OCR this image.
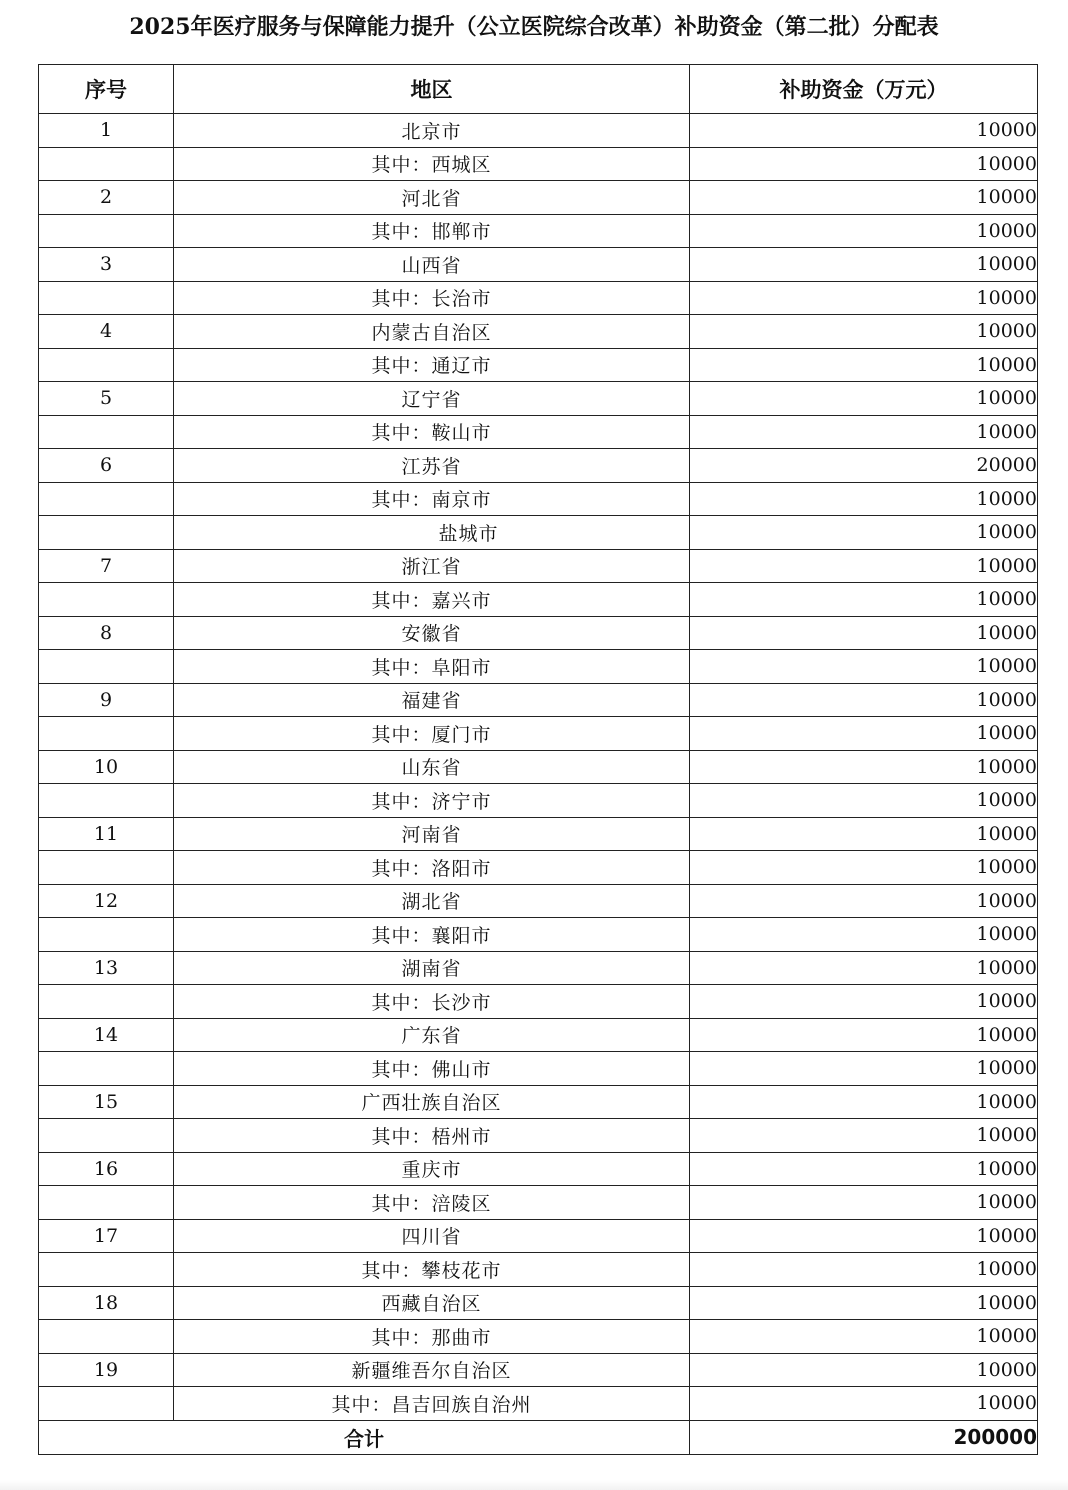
2025年医疗服务与保障能力提升（公立医院综合改革）补助资金（第二批）分配表
序号	地区	补助资金（万元）
1	北京市	10000
	其中：西城区	10000
2	河北省	10000
	其中：邯郸市	10000
3	山西省	10000
	其中：长治市	10000
4	内蒙古自治区	10000
	其中：通辽市	10000
5	辽宁省	10000
	其中：鞍山市	10000
6	江苏省	20000
	其中：南京市	10000
	盐城市	10000
7	浙江省	10000
	其中：嘉兴市	10000
8	安徽省	10000
	其中：阜阳市	10000
9	福建省	10000
	其中：厦门市	10000
10	山东省	10000
	其中：济宁市	10000
11	河南省	10000
	其中：洛阳市	10000
12	湖北省	10000
	其中：襄阳市	10000
13	湖南省	10000
	其中：长沙市	10000
14	广东省	10000
	其中：佛山市	10000
15	广西壮族自治区	10000
	其中：梧州市	10000
16	重庆市	10000
	其中：涪陵区	10000
17	四川省	10000
	其中：攀枝花市	10000
18	西藏自治区	10000
	其中：那曲市	10000
19	新疆维吾尔自治区	10000
	其中：昌吉回族自治州	10000
合计		200000
